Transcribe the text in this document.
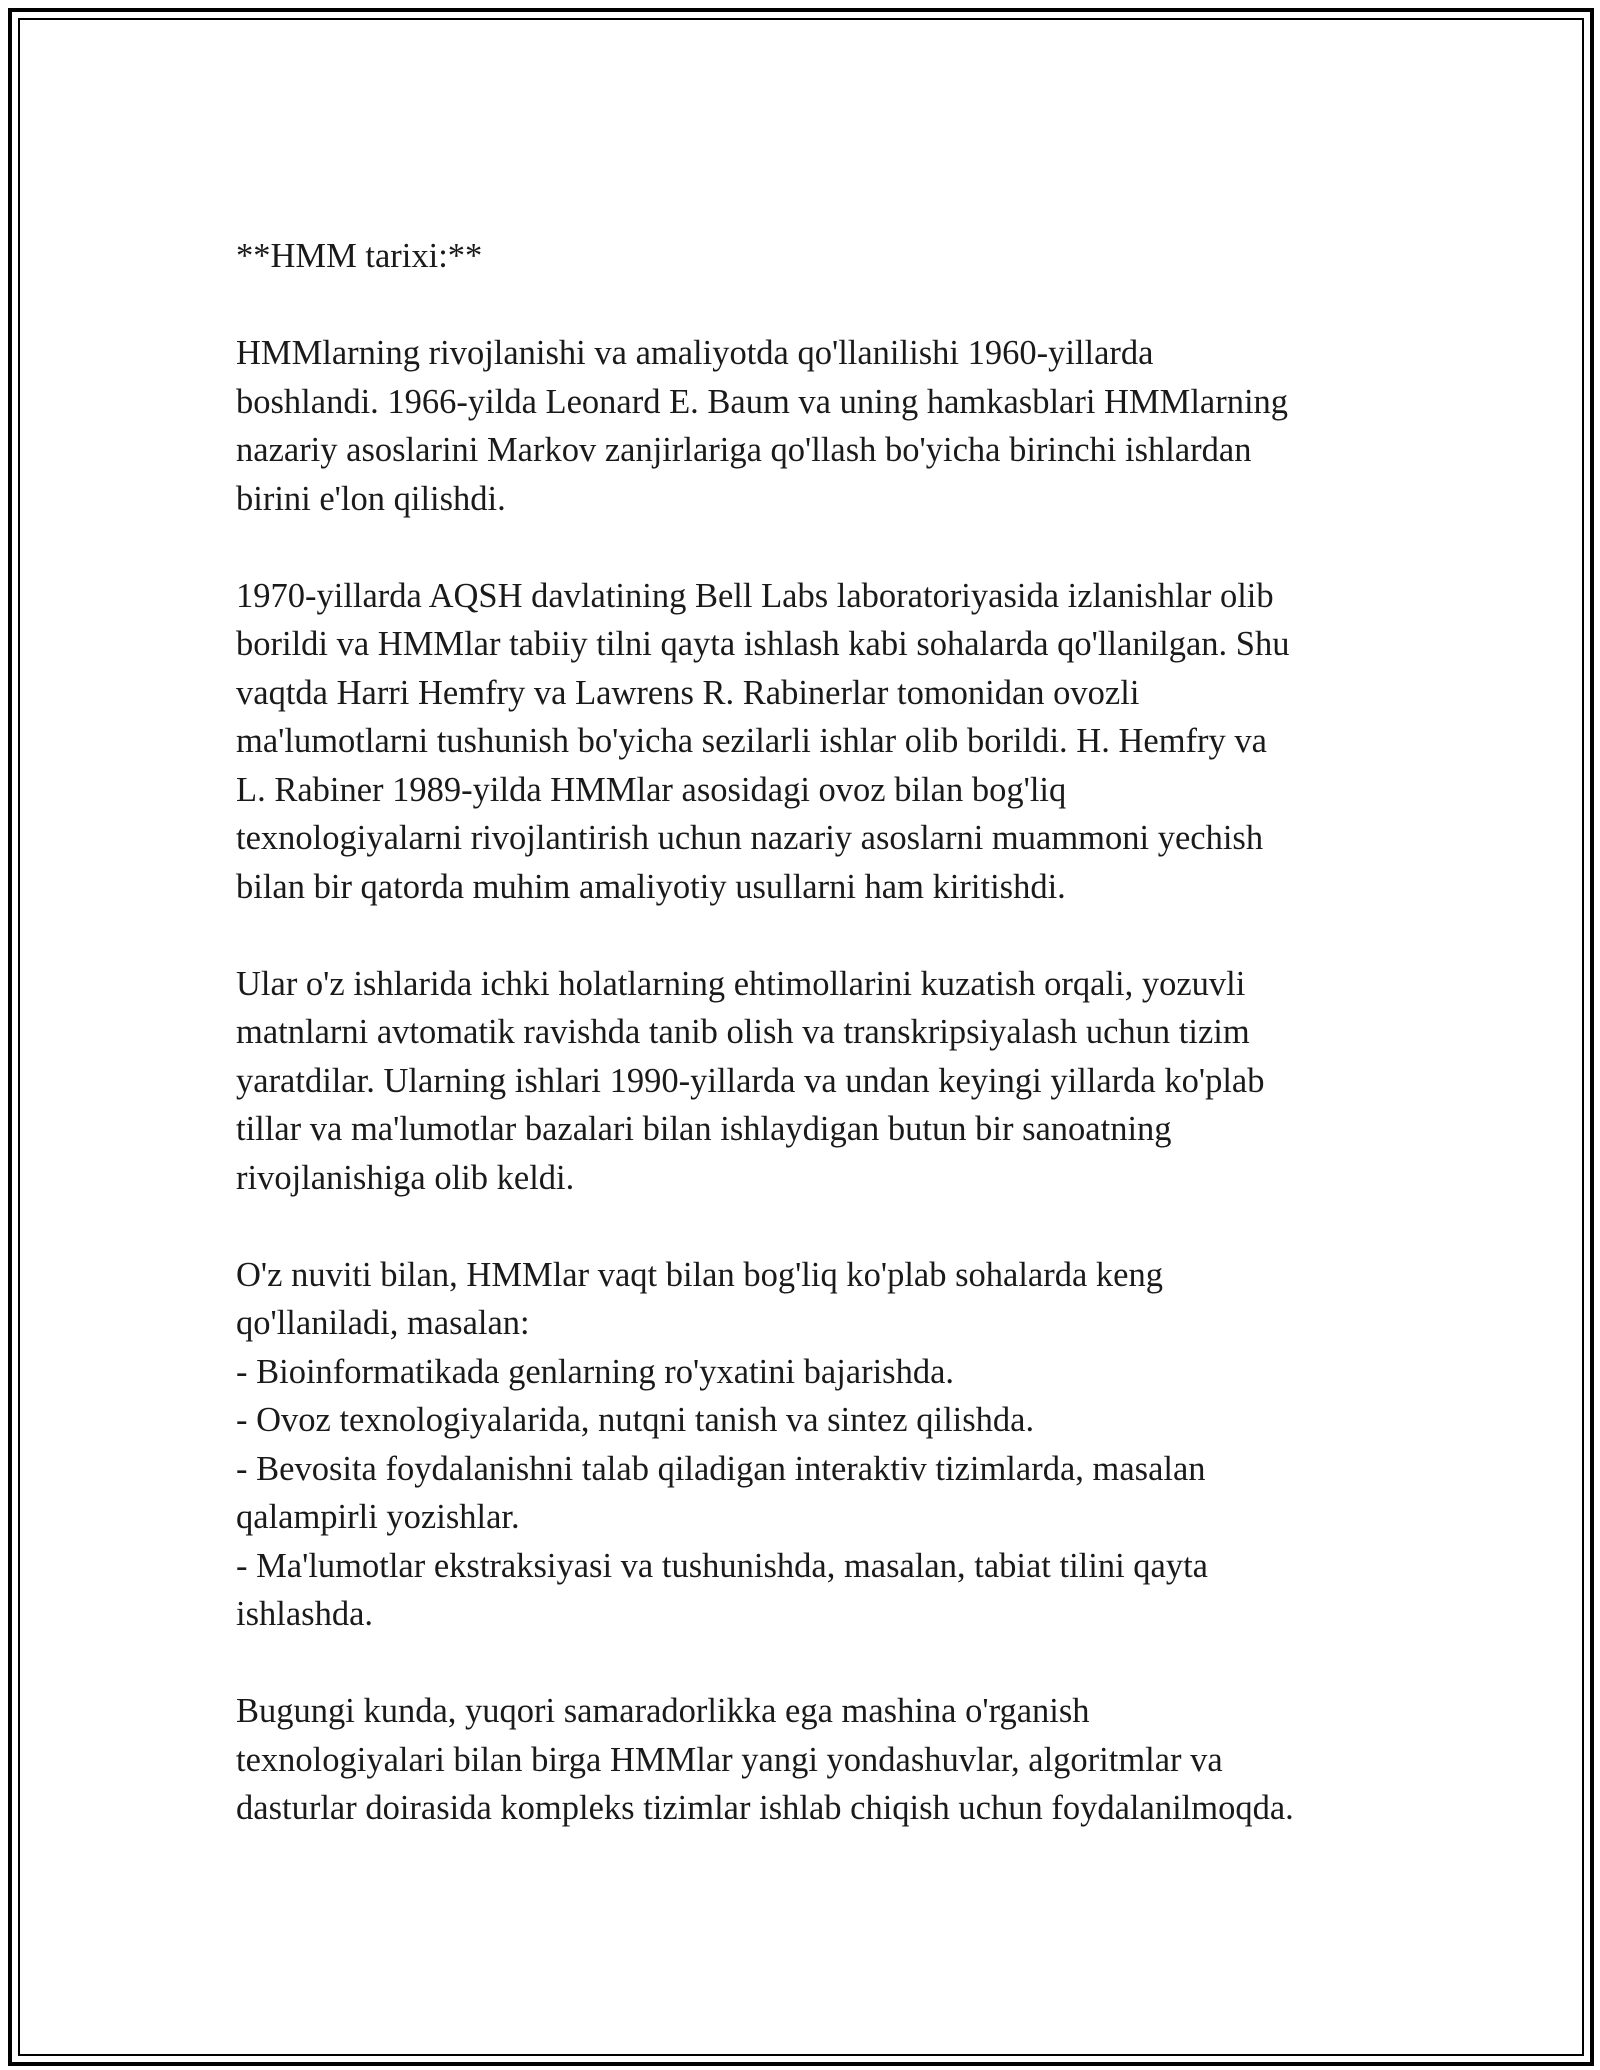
**HMM tarixi:**
HMMlarning rivojlanishi va amaliyotda qo'llanilishi 1960-yillarda
boshlandi. 1966-yilda Leonard E. Baum va uning hamkasblari HMMlarning
nazariy asoslarini Markov zanjirlariga qo'llash bo'yicha birinchi ishlardan
birini e'lon qilishdi.
1970-yillarda AQSH davlatining Bell Labs laboratoriyasida izlanishlar olib
borildi va HMMlar tabiiy tilni qayta ishlash kabi sohalarda qo'llanilgan. Shu
vaqtda Harri Hemfry va Lawrens R. Rabinerlar tomonidan ovozli
ma'lumotlarni tushunish bo'yicha sezilarli ishlar olib borildi. H. Hemfry va
L. Rabiner 1989-yilda HMMlar asosidagi ovoz bilan bog'liq
texnologiyalarni rivojlantirish uchun nazariy asoslarni muammoni yechish
bilan bir qatorda muhim amaliyotiy usullarni ham kiritishdi.
Ular o'z ishlarida ichki holatlarning ehtimollarini kuzatish orqali, yozuvli
matnlarni avtomatik ravishda tanib olish va transkripsiyalash uchun tizim
yaratdilar. Ularning ishlari 1990-yillarda va undan keyingi yillarda ko'plab
tillar va ma'lumotlar bazalari bilan ishlaydigan butun bir sanoatning
rivojlanishiga olib keldi.
O'z nuviti bilan, HMMlar vaqt bilan bog'liq ko'plab sohalarda keng
qo'llaniladi, masalan:
- Bioinformatikada genlarning ro'yxatini bajarishda.
- Ovoz texnologiyalarida, nutqni tanish va sintez qilishda.
- Bevosita foydalanishni talab qiladigan interaktiv tizimlarda, masalan
qalampirli yozishlar.
- Ma'lumotlar ekstraksiyasi va tushunishda, masalan, tabiat tilini qayta
ishlashda.
Bugungi kunda, yuqori samaradorlikka ega mashina o'rganish
texnologiyalari bilan birga HMMlar yangi yondashuvlar, algoritmlar va
dasturlar doirasida kompleks tizimlar ishlab chiqish uchun foydalanilmoqda.
